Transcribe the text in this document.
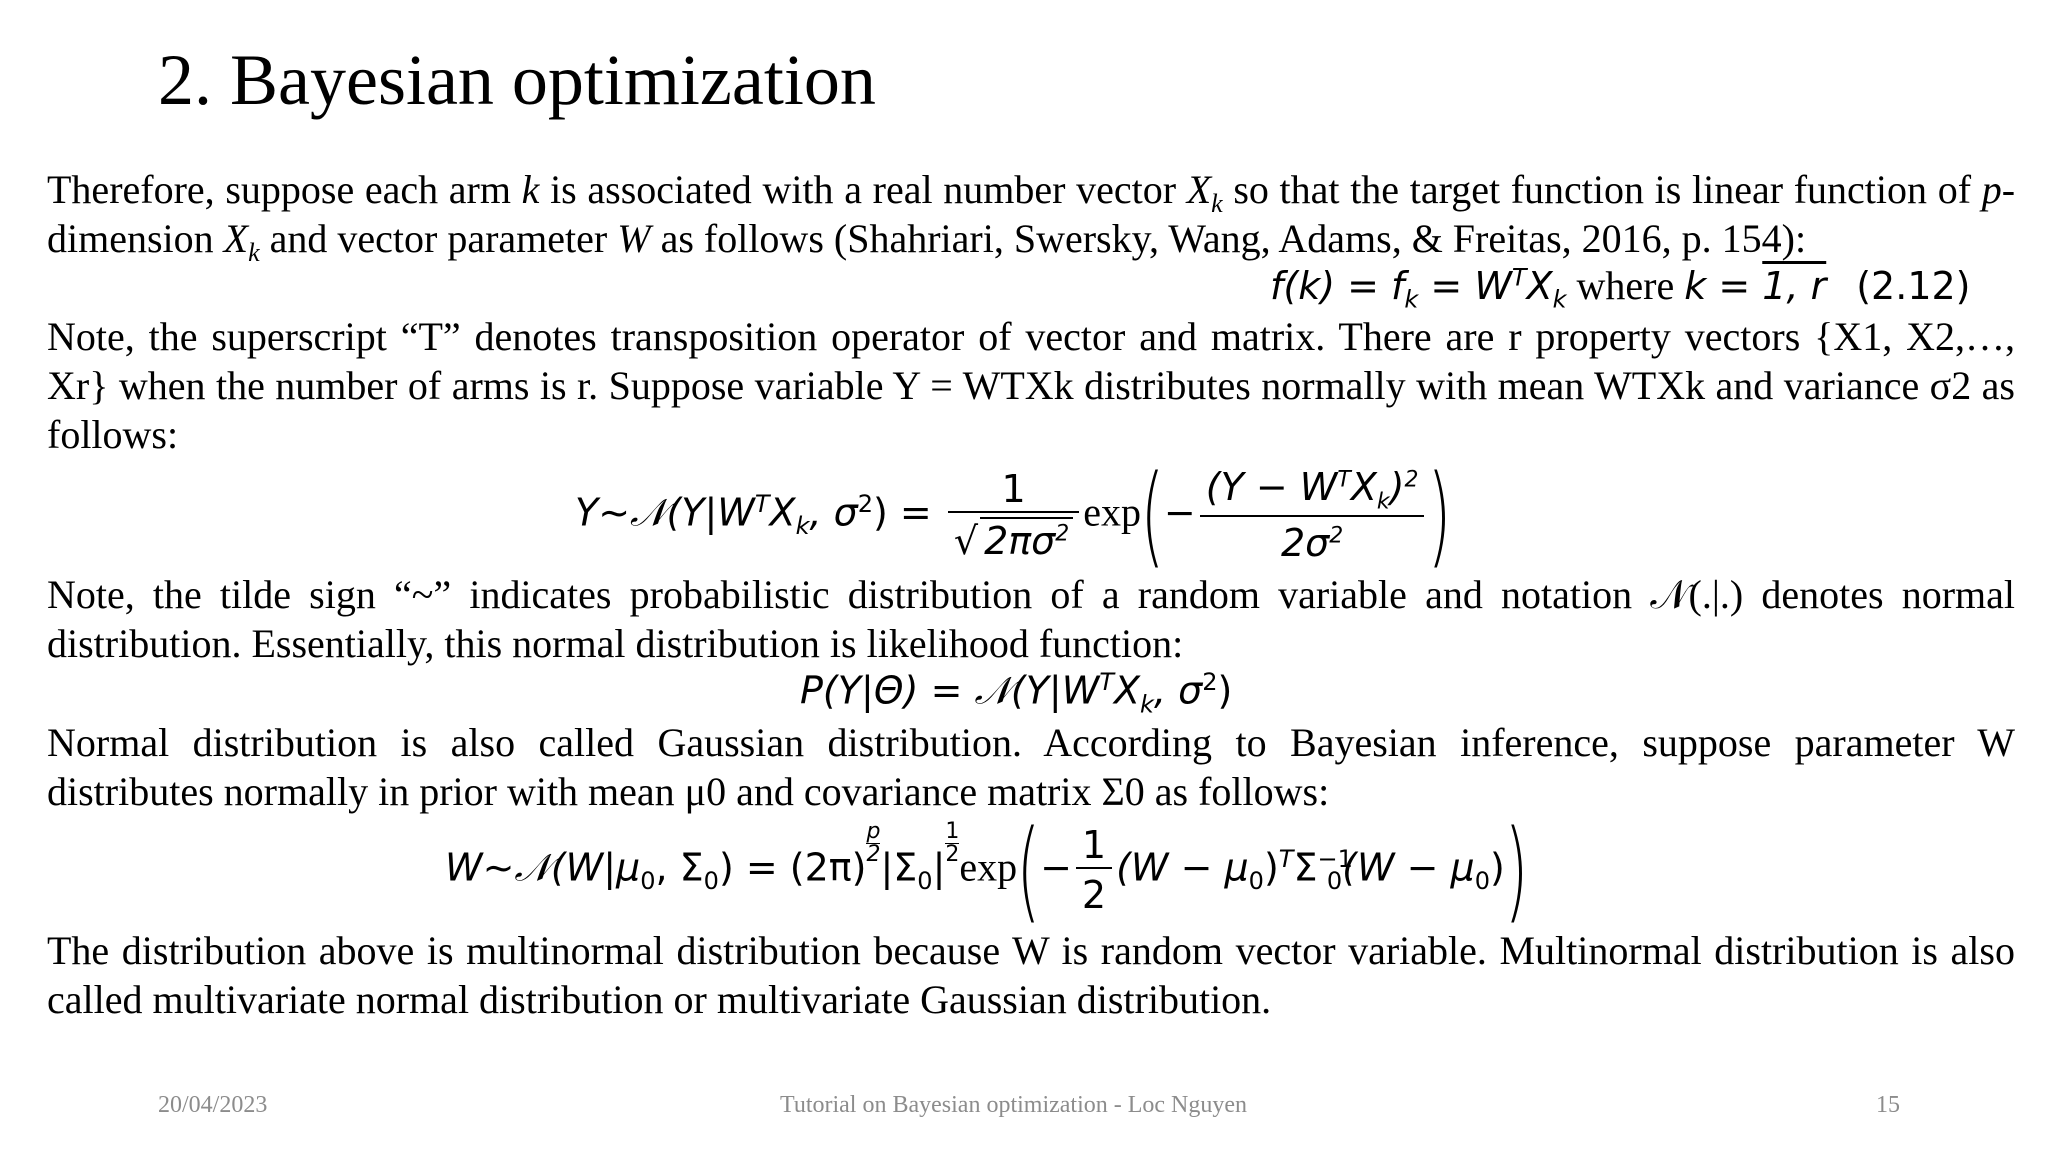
2. Bayesian optimization
Therefore, suppose each arm k is associated with a real number vector $X_k$ so that the target function is linear function of p-dimension $X_k$ and vector parameter W as follows (Shahriari, Swersky, Wang, Adams, & Freitas, 2016, p. 154):
$f(k) = f_k = W^TX_k$ where k = 1, r (2.12)
Note, the superscript “T” denotes transposition operator of vector and matrix. There are r property vectors {X1, X2,…, Xr} when the number of arms is r. Suppose variable Y = WTXk distributes normally with mean WTXk and variance σ2 as follows:
$Y\sim 𝒩(Y|W^TX_k$, $\sigma^2) = \frac{1}{√ 2\pi\sigma^2} \exp(- \frac{(Y - W^TX_k)^2}{2\sigma^2}$ )
Note, the tilde sign “~” indicates probabilistic distribution of a random variable and notation 𝒩(.|.) denotes normal distribution. Essentially, this normal distribution is likelihood function:
$P(Y|\Theta) = 𝒩(Y|W^TX_k$, $\sigma^2$)
Normal distribution is also called Gaussian distribution. According to Bayesian inference, suppose parameter W distributes normally in prior with mean μ0 and covariance matrix Σ0 as follows:
$W\sim 𝒩(W|\mu_0$, $\Sigma_0) = (2\pi)$
$\frac{p}{2}$
$|\Sigma_0|$
$\frac{1}{2}$
$\exp(- \frac{1}{2} (W - \mu_0)^T\Sigma^{-1}_0(W - \mu_0))$
The distribution above is multinormal distribution because W is random vector variable. Multinormal distribution is also called multivariate normal distribution or multivariate Gaussian distribution.
20/04/2023	Tutorial on Bayesian optimization - Loc Nguyen	15
